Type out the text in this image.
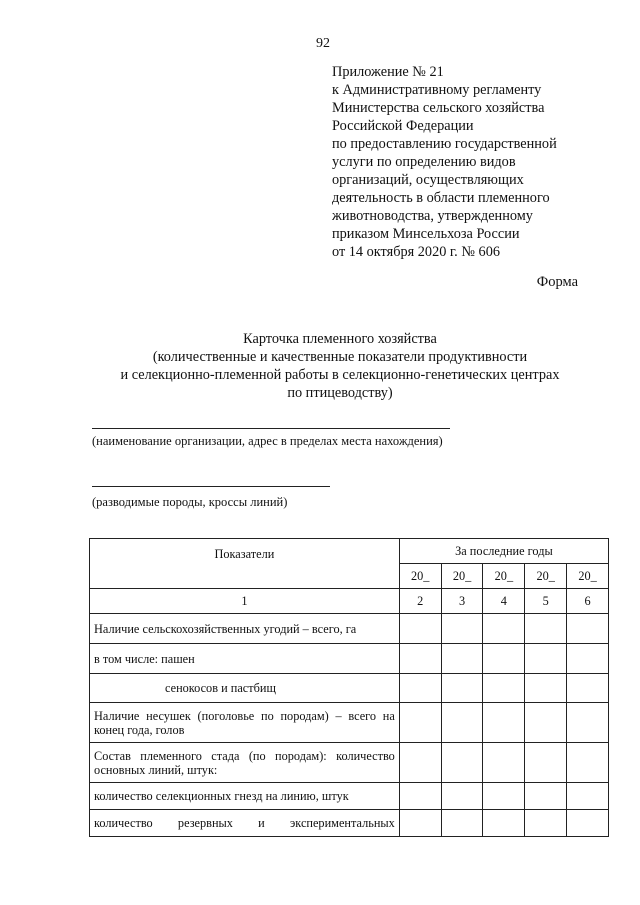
92
Приложение № 21
к Административному регламенту
Министерства сельского хозяйства
Российской Федерации
по предоставлению государственной
услуги по определению видов
организаций, осуществляющих
деятельность в области племенного
животноводства, утвержденному
приказом Минсельхоза России
от 14 октября 2020 г. № 606
Форма
Карточка племенного хозяйства
(количественные и качественные показатели продуктивности
и селекционно-племенной работы в селекционно-генетических центрах
по птицеводству)
(наименование организации, адрес в пределах места нахождения)
(разводимые породы, кроссы линий)
Показатели	За последние годы				
	20_	20_	20_	20_	20_
1	2	3	4	5	6
Наличие сельскохозяйственных угодий – всего, га					
в том числе: пашен					
сенокосов и пастбищ					
Наличие несушек (поголовье по породам) – всего на конец года, голов					
Состав племенного стада (по породам): количество основных линий, штук:					
количество селекционных гнезд на линию, штук					
количество резервных и экспериментальных					
